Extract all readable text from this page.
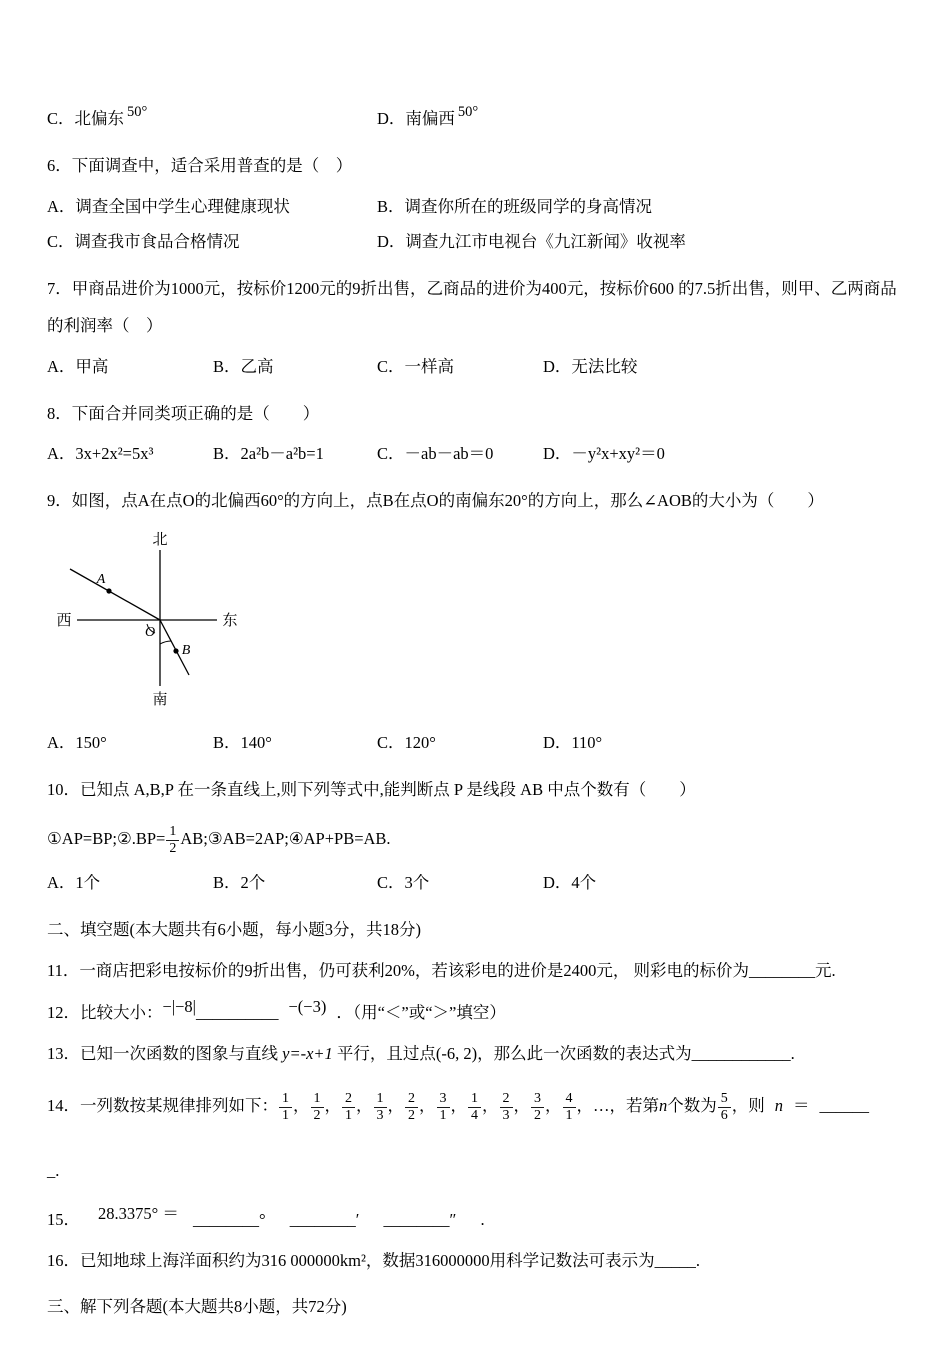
C．北偏东 50°	D．南偏西 50°

6．下面调查中，适合采用普查的是（　）

A．调查全国中学生心理健康现状	B．调查你所在的班级同学的身高情况
C．调查我市食品合格情况	D．调查九江市电视台《九江新闻》收视率

7．甲商品进价为1000元，按标价1200元的9折出售，乙商品的进价为400元，按标价600 的7.5折出售，则甲、乙两商品的利润率（　）

A．甲高	B．乙高	C．一样高	D．无法比较

8．下面合并同类项正确的是（　　）

A．3x+2x²=5x³	B．2a²b－a²b=1	C．－ab－ab＝0	D．－y²x+xy²＝0

9．如图，点A在点O的北偏西60°的方向上，点B在点O的南偏东20°的方向上，那么∠AOB的大小为（　　）

北
南
西	东
A
B
O
A．150°	B．140°	C．120°	D．110°

10．已知点 A,B,P 在一条直线上,则下列等式中,能判断点 P 是线段 AB 中点个数有（　　）

①AP=BP;②.BP= $\frac{1}{2}$ AB;③AB=2AP;④AP+PB=AB.

A．1个	B．2个	C．3个	D．4个

二、填空题(本大题共有6小题，每小题3分，共18分)

11．一商店把彩电按标价的9折出售，仍可获利20%，若该彩电的进价是2400元， 则彩电的标价为________元.

12．比较大小：−|−8|__________ −(−3) ．（用“＜”或“＞”填空）

13．已知一次函数的图象与直线 y=-x+1 平行，且过点(-6, 2)，那么此一次函数的表达式为____________.

14．一列数按某规律排列如下： $\frac{1}{1}$ ， $\frac{1}{2}$ ， $\frac{2}{1}$ ， $\frac{1}{3}$ ， $\frac{2}{2}$ ， $\frac{3}{1}$ ， $\frac{1}{4}$ ， $\frac{2}{3}$ ， $\frac{3}{2}$ ， $\frac{4}{1}$ ，…，若第n个数为 $\frac{5}{6}$ ，则 n ＝ ______

_.

15． 28.3375° ＝ ________° ________′ ________″ .

16．已知地球上海洋面积约为316 000000km²，数据316000000用科学记数法可表示为_____.

三、解下列各题(本大题共8小题，共72分)
